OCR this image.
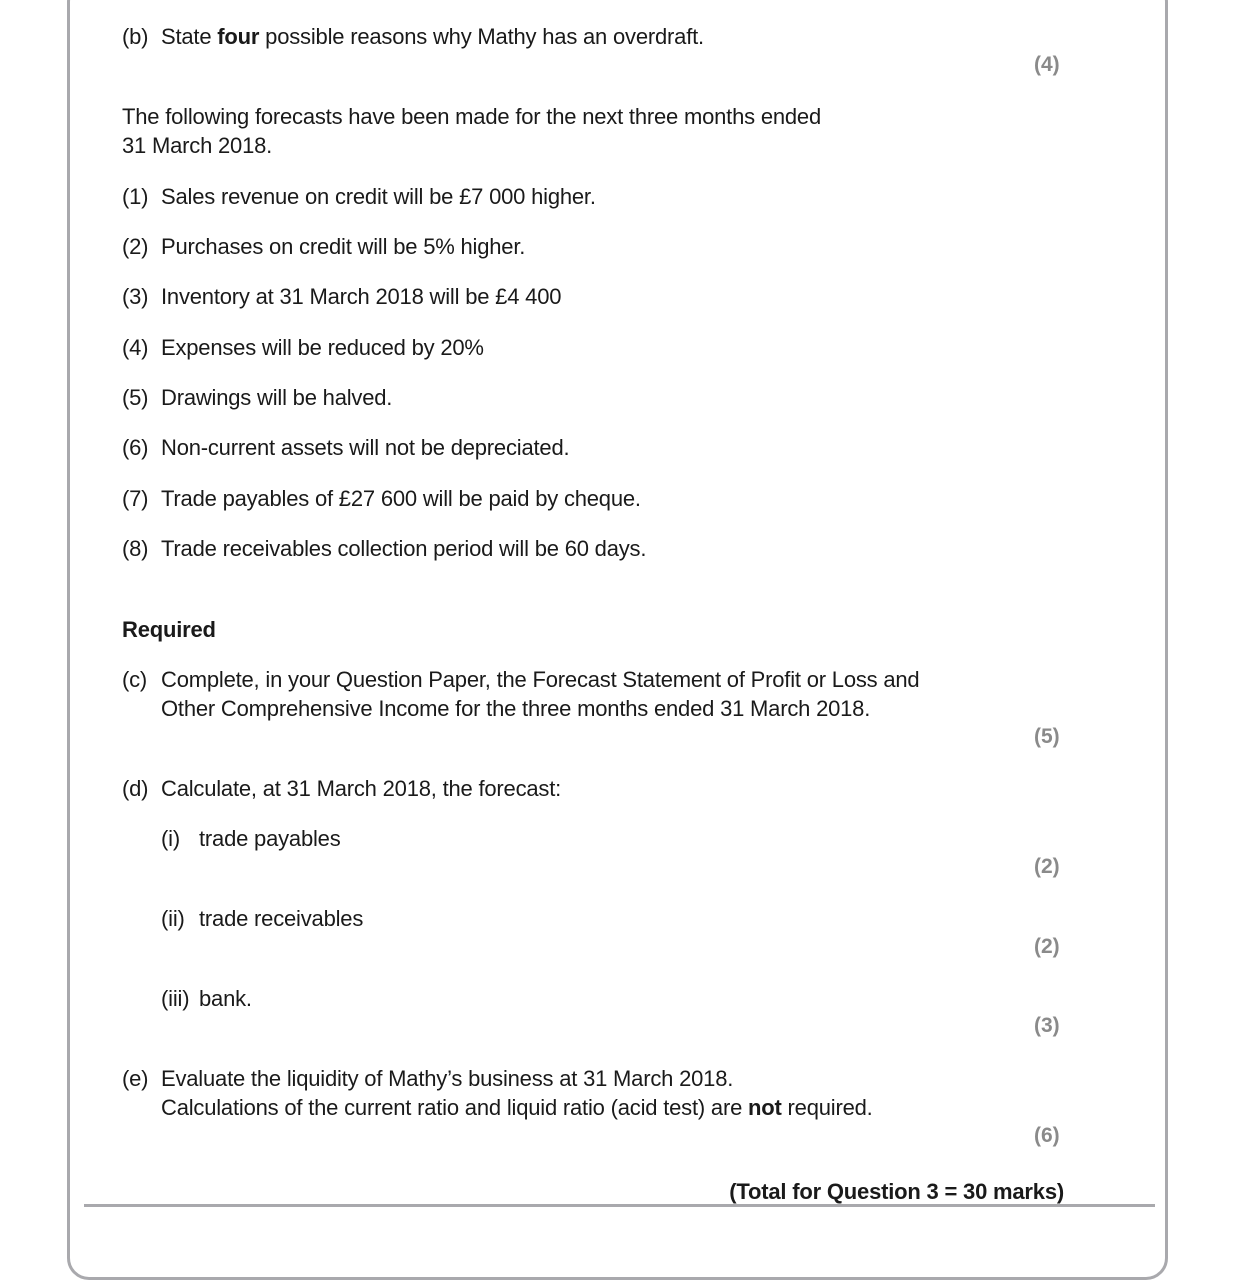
(b) State four possible reasons why Mathy has an overdraft.
(4)
The following forecasts have been made for the next three months ended
31 March 2018.
(1) Sales revenue on credit will be £7 000 higher.
(2) Purchases on credit will be 5% higher.
(3) Inventory at 31 March 2018 will be £4 400
(4) Expenses will be reduced by 20%
(5) Drawings will be halved.
(6) Non-current assets will not be depreciated.
(7) Trade payables of £27 600 will be paid by cheque.
(8) Trade receivables collection period will be 60 days.
Required
(c) Complete, in your Question Paper, the Forecast Statement of Profit or Loss and
Other Comprehensive Income for the three months ended 31 March 2018.
(5)
(d) Calculate, at 31 March 2018, the forecast:
(i) trade payables
(2)
(ii) trade receivables
(2)
(iii) bank.
(3)
(e) Evaluate the liquidity of Mathy’s business at 31 March 2018.
Calculations of the current ratio and liquid ratio (acid test) are not required.
(6)
(Total for Question 3 = 30 marks)
